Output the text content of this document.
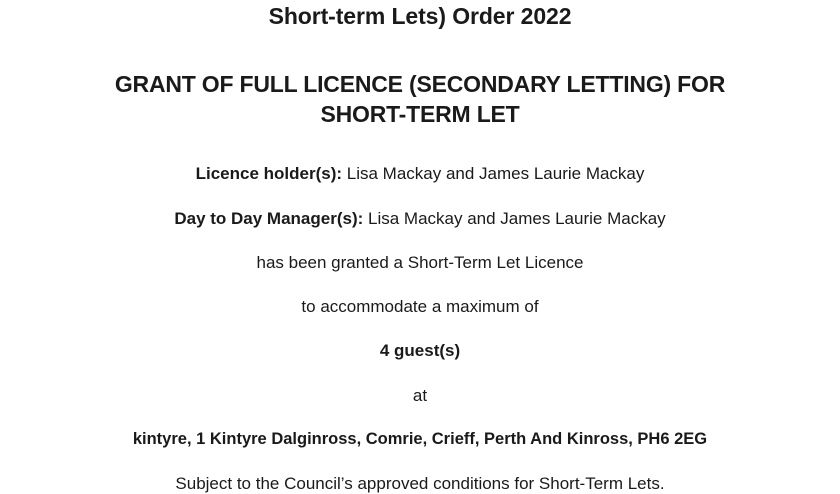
Short-term Lets) Order 2022
GRANT OF FULL LICENCE (SECONDARY LETTING) FOR
SHORT-TERM LET
Licence holder(s): Lisa Mackay and James Laurie Mackay
Day to Day Manager(s): Lisa Mackay and James Laurie Mackay
has been granted a Short-Term Let Licence
to accommodate a maximum of
4 guest(s)
at
kintyre, 1 Kintyre Dalginross, Comrie, Crieff, Perth And Kinross, PH6 2EG
Subject to the Council’s approved conditions for Short-Term Lets.
